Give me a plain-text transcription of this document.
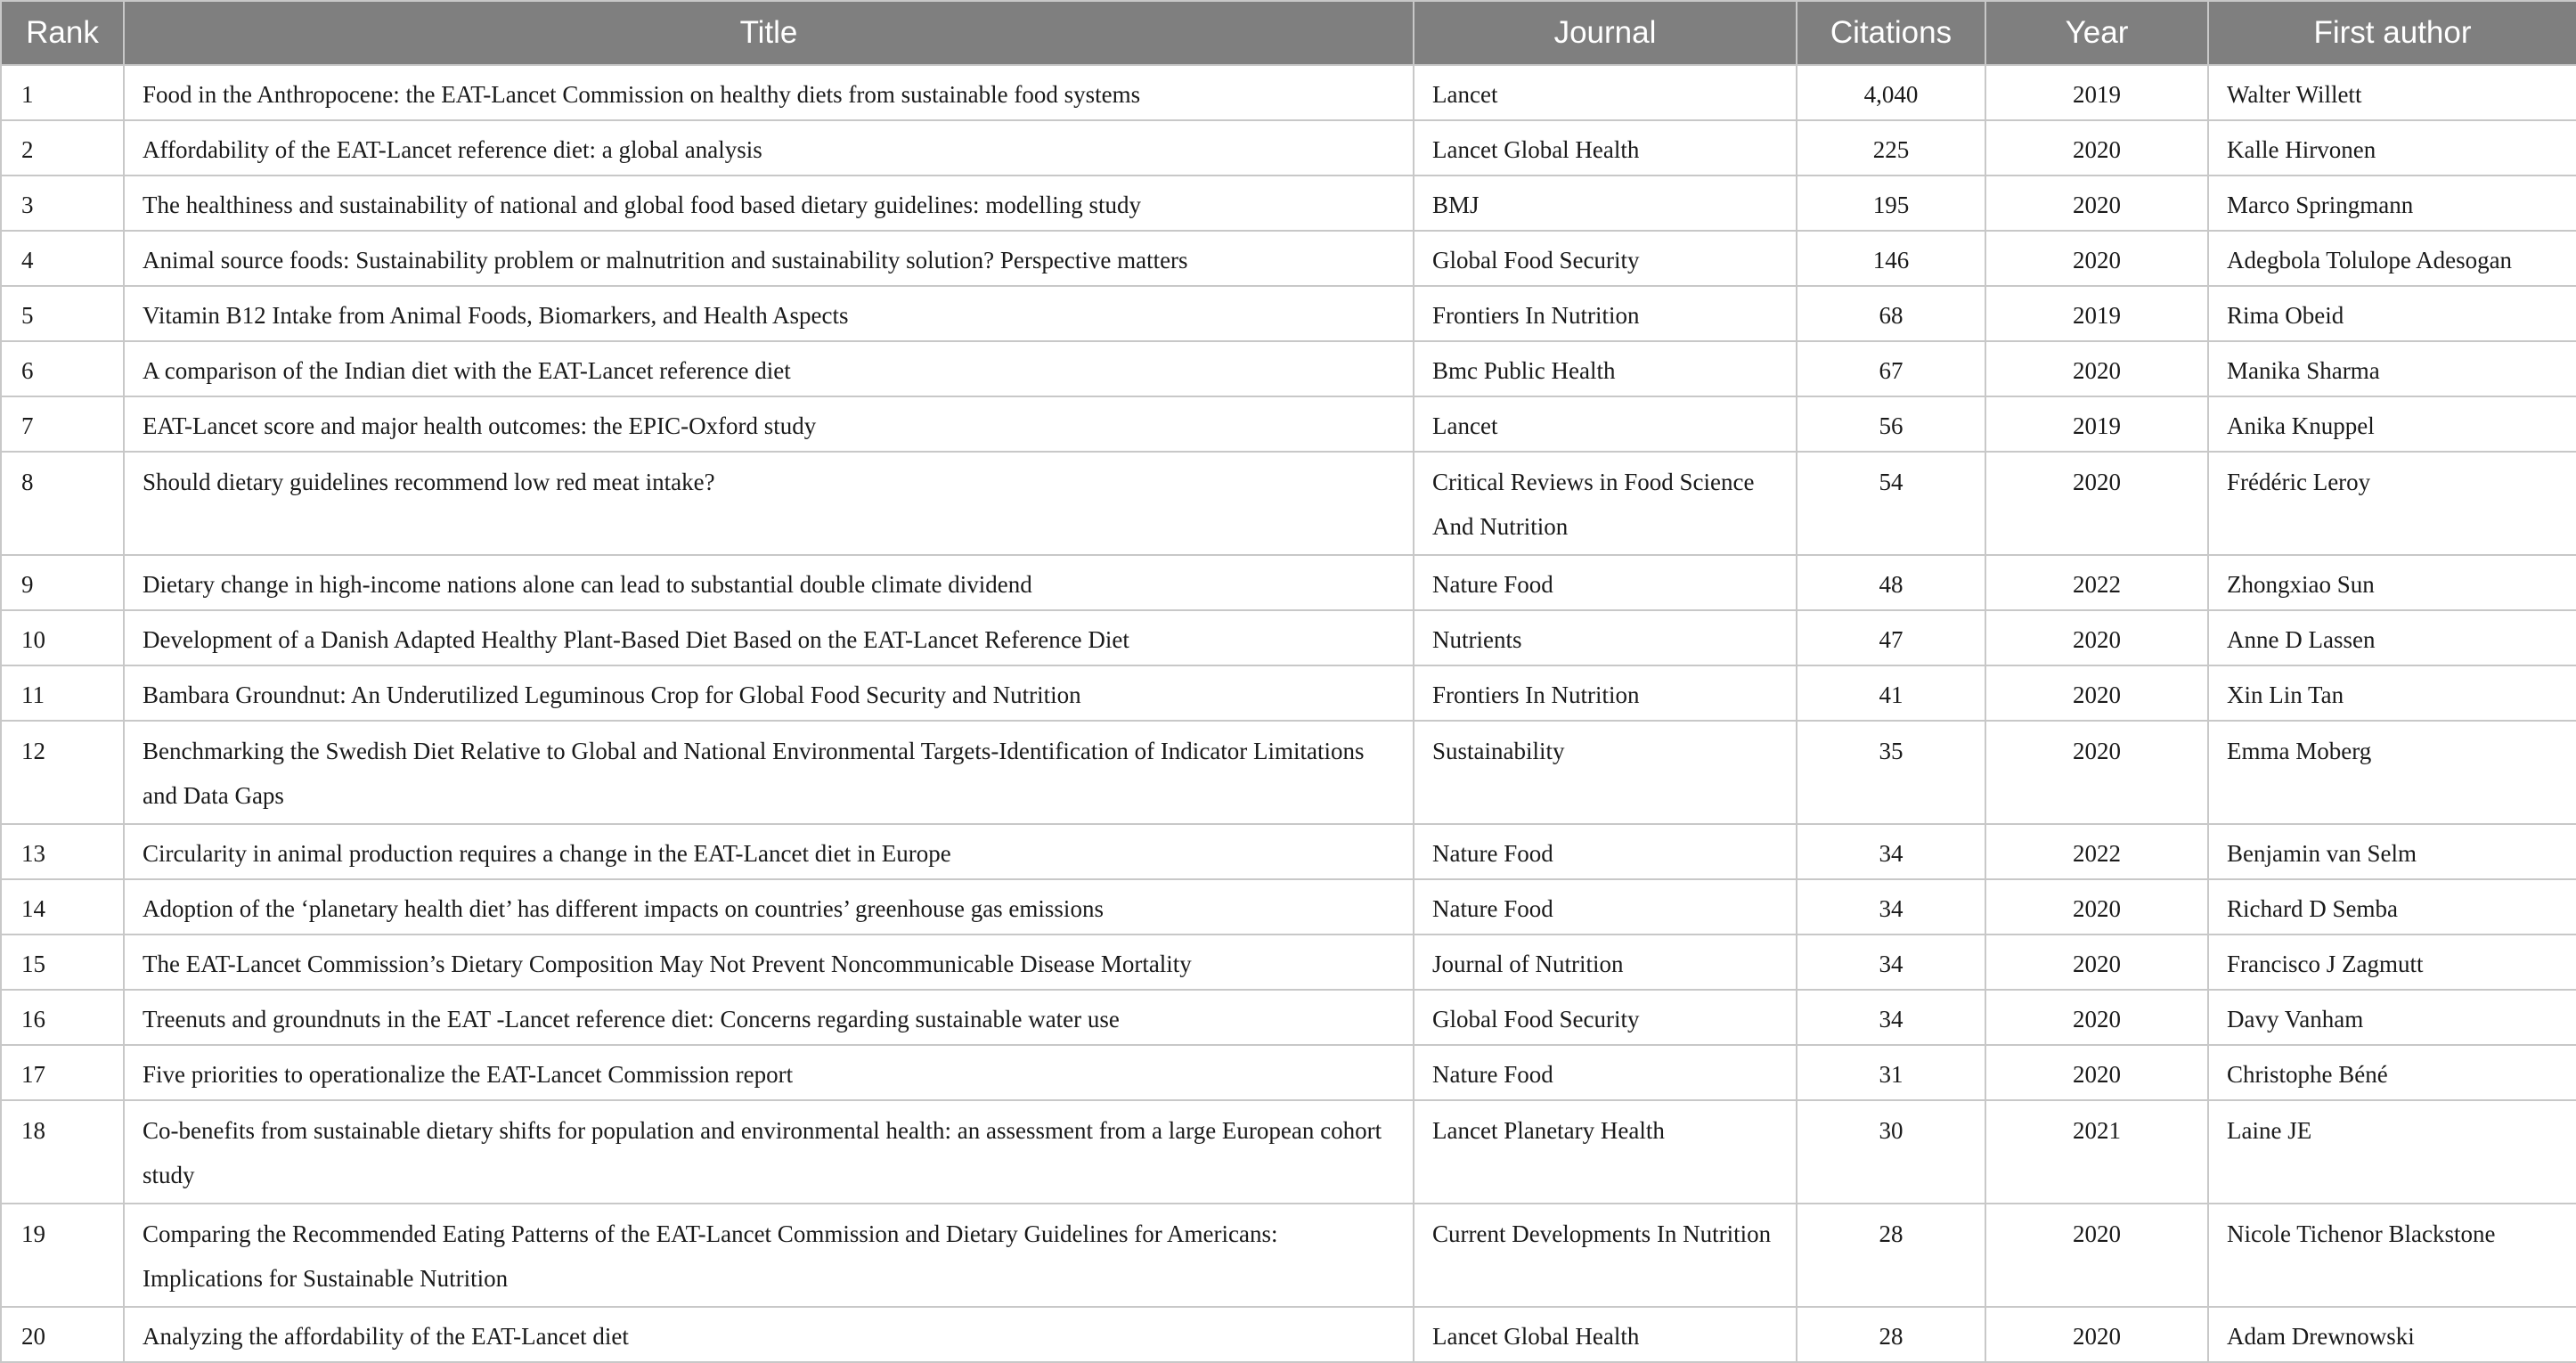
Rank	Title	Journal	Citations	Year	First author
1	Food in the Anthropocene: the EAT-Lancet Commission on healthy diets from sustainable food systems	Lancet	4,040	2019	Walter Willett
2	Affordability of the EAT-Lancet reference diet: a global analysis	Lancet Global Health	225	2020	Kalle Hirvonen
3	The healthiness and sustainability of national and global food based dietary guidelines: modelling study	BMJ	195	2020	Marco Springmann
4	Animal source foods: Sustainability problem or malnutrition and sustainability solution? Perspective matters	Global Food Security	146	2020	Adegbola Tolulope Adesogan
5	Vitamin B12 Intake from Animal Foods, Biomarkers, and Health Aspects	Frontiers In Nutrition	68	2019	Rima Obeid
6	A comparison of the Indian diet with the EAT-Lancet reference diet	Bmc Public Health	67	2020	Manika Sharma
7	EAT-Lancet score and major health outcomes: the EPIC-Oxford study	Lancet	56	2019	Anika Knuppel
8	Should dietary guidelines recommend low red meat intake?	Critical Reviews in Food Science And Nutrition	54	2020	Frédéric Leroy
9	Dietary change in high-income nations alone can lead to substantial double climate dividend	Nature Food	48	2022	Zhongxiao Sun
10	Development of a Danish Adapted Healthy Plant-Based Diet Based on the EAT-Lancet Reference Diet	Nutrients	47	2020	Anne D Lassen
11	Bambara Groundnut: An Underutilized Leguminous Crop for Global Food Security and Nutrition	Frontiers In Nutrition	41	2020	Xin Lin Tan
12	Benchmarking the Swedish Diet Relative to Global and National Environmental Targets-Identification of Indicator Limitations and Data Gaps	Sustainability	35	2020	Emma Moberg
13	Circularity in animal production requires a change in the EAT-Lancet diet in Europe	Nature Food	34	2022	Benjamin van Selm
14	Adoption of the ‘planetary health diet’ has different impacts on countries’ greenhouse gas emissions	Nature Food	34	2020	Richard D Semba
15	The EAT-Lancet Commission’s Dietary Composition May Not Prevent Noncommunicable Disease Mortality	Journal of Nutrition	34	2020	Francisco J Zagmutt
16	Treenuts and groundnuts in the EAT -Lancet reference diet: Concerns regarding sustainable water use	Global Food Security	34	2020	Davy Vanham
17	Five priorities to operationalize the EAT-Lancet Commission report	Nature Food	31	2020	Christophe Béné
18	Co-benefits from sustainable dietary shifts for population and environmental health: an assessment from a large European cohort study	Lancet Planetary Health	30	2021	Laine JE
19	Comparing the Recommended Eating Patterns of the EAT-Lancet Commission and Dietary Guidelines for Americans: Implications for Sustainable Nutrition	Current Developments In Nutrition	28	2020	Nicole Tichenor Blackstone
20	Analyzing the affordability of the EAT-Lancet diet	Lancet Global Health	28	2020	Adam Drewnowski
